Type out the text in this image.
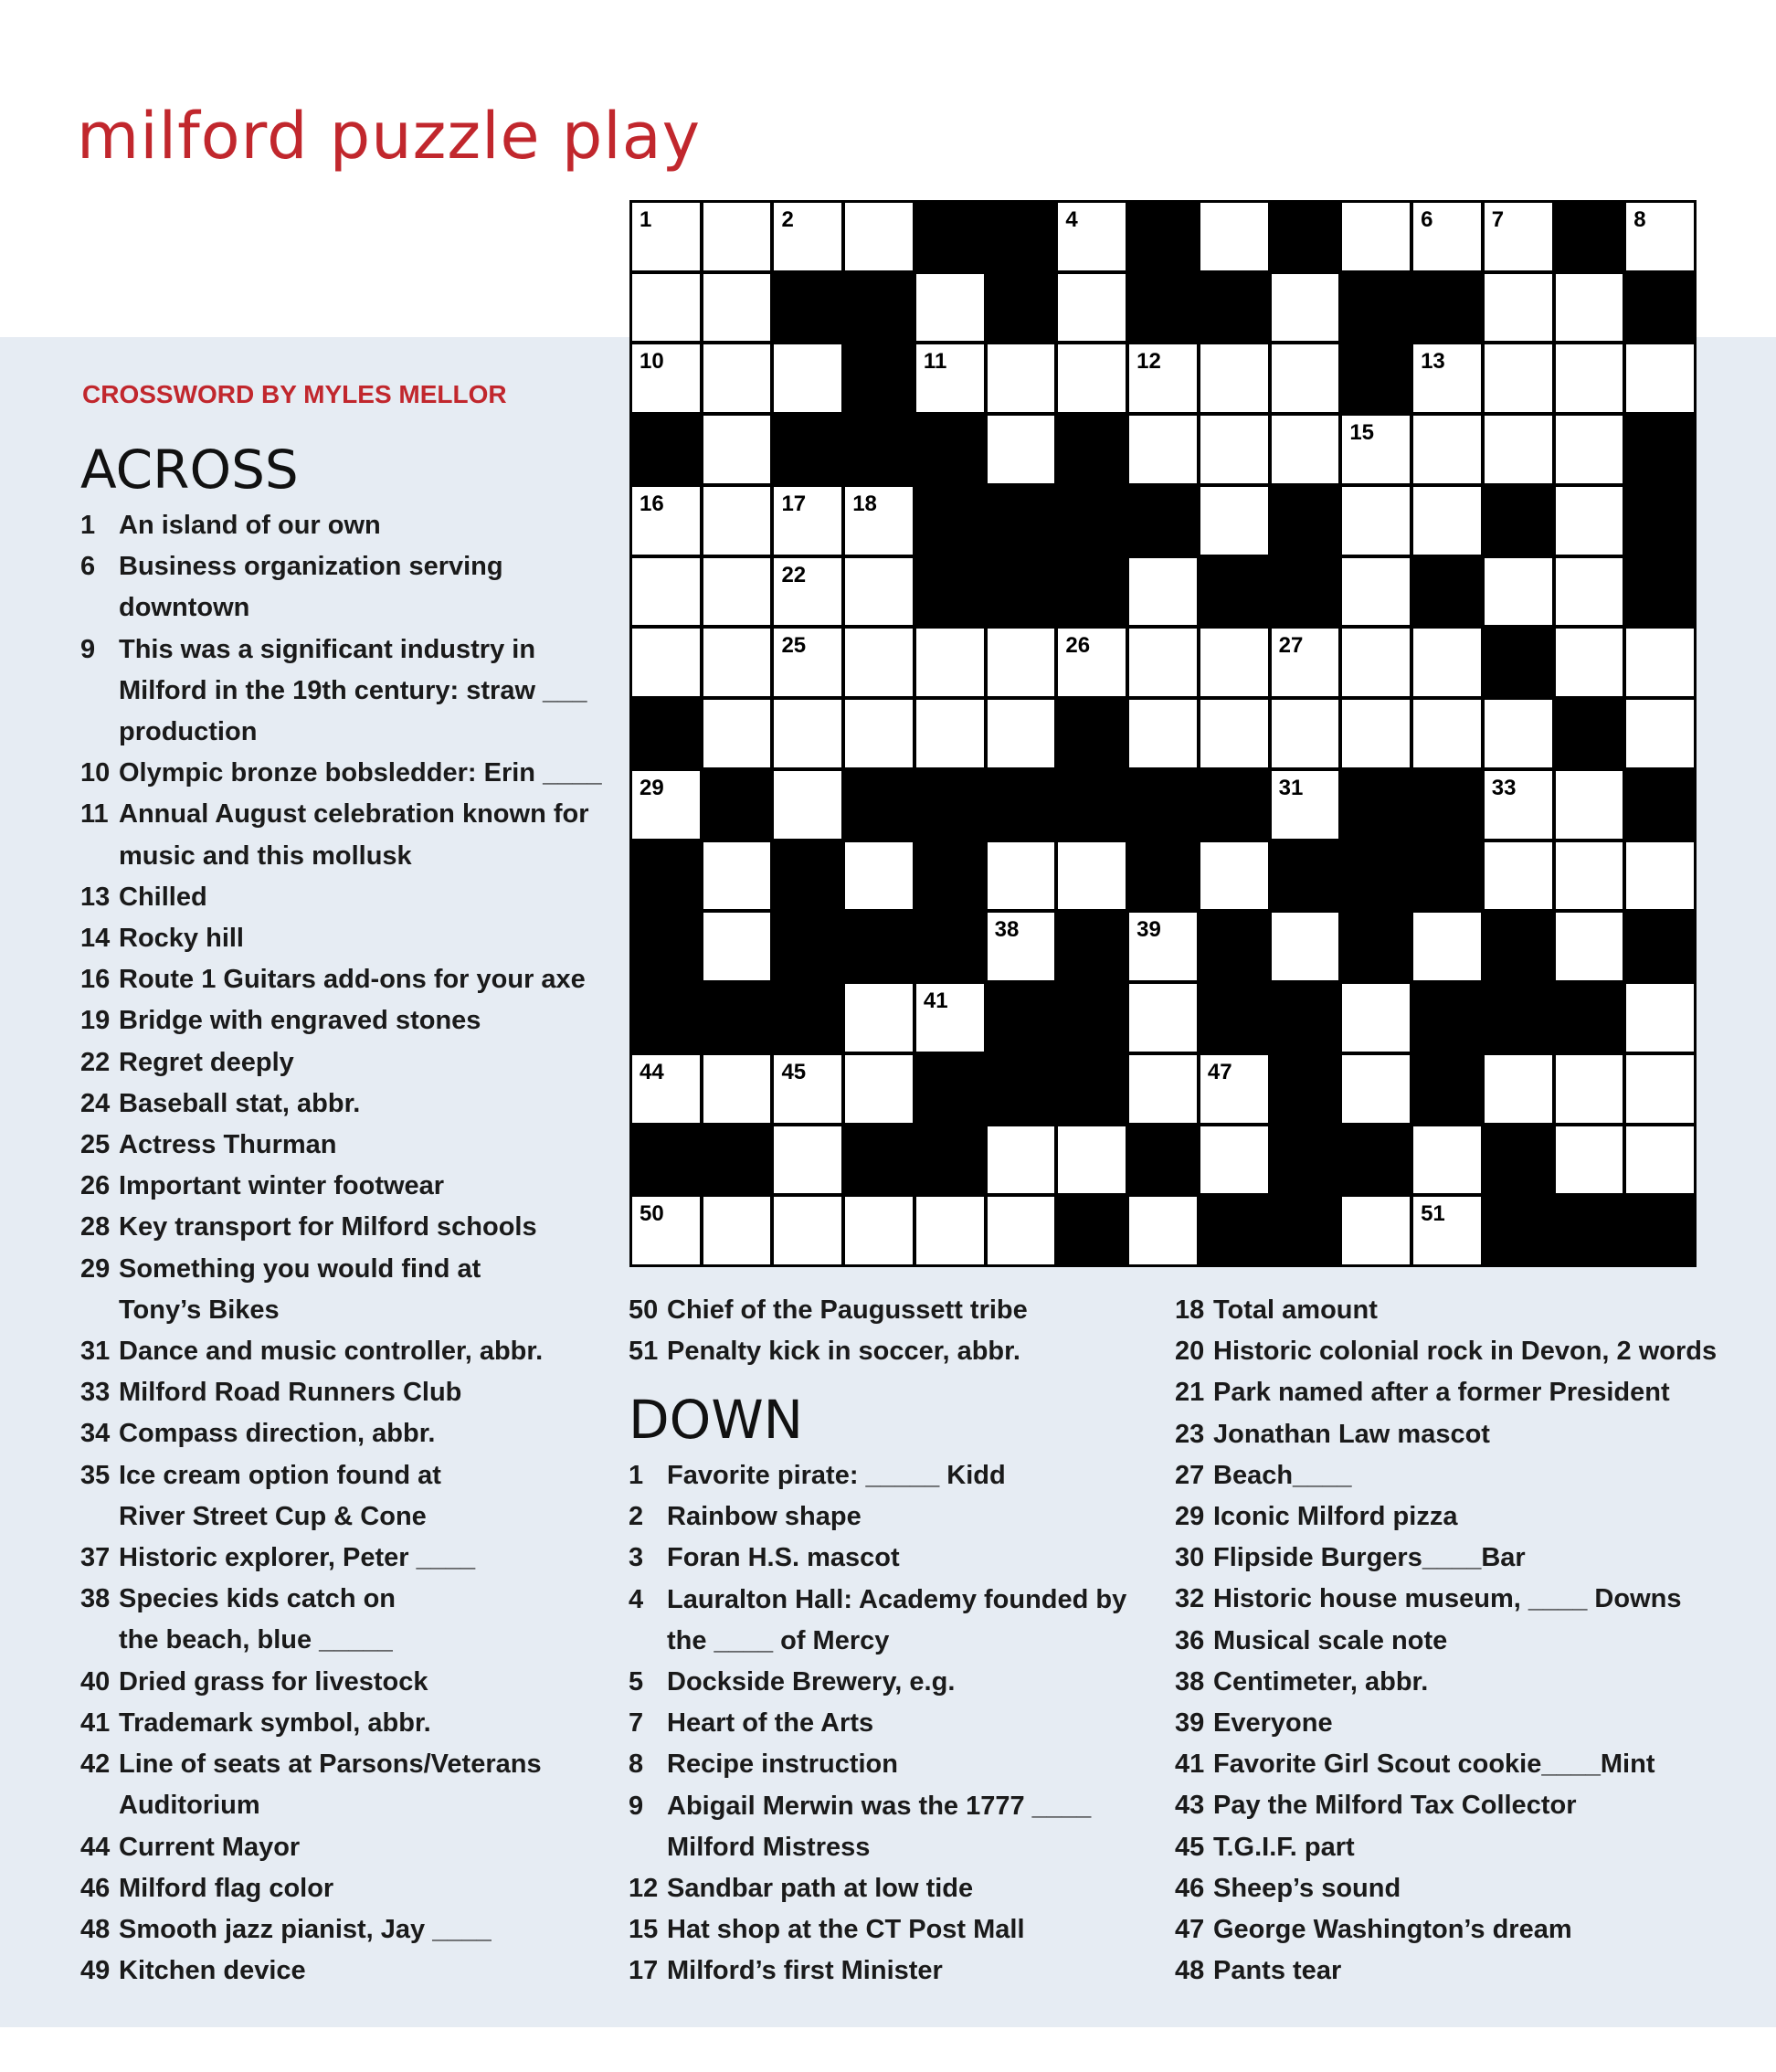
milford puzzle play
CROSSWORD BY MYLES MELLOR
ACROSS
1 An island of our own
6 Business organization serving
downtown
9 This was a significant industry in
Milford in the 19th century: straw ___
production
10 Olympic bronze bobsledder: Erin ____
11 Annual August celebration known for
music and this mollusk
13 Chilled
14 Rocky hill
16 Route 1 Guitars add-ons for your axe
19 Bridge with engraved stones
22 Regret deeply
24 Baseball stat, abbr.
25 Actress Thurman
26 Important winter footwear
28 Key transport for Milford schools
29 Something you would find at
Tony’s Bikes
31 Dance and music controller, abbr.
33 Milford Road Runners Club
34 Compass direction, abbr.
35 Ice cream option found at
River Street Cup & Cone
37 Historic explorer, Peter ____
38 Species kids catch on
the beach, blue _____
40 Dried grass for livestock
41 Trademark symbol, abbr.
42 Line of seats at Parsons/Veterans
Auditorium
44 Current Mayor
46 Milford flag color
48 Smooth jazz pianist, Jay ____
49 Kitchen device
1	2	3	4	5	6	7	8
9
10	11	12	13
14	15
16	17 18	19	20	21
22	23	24
25	26	27	28
29	30	31 32	33
34	35	36
37	38	39	40
41	42 43
44	45	46	47	48
49
50	51
50 Chief of the Paugussett tribe
51 Penalty kick in soccer, abbr.
DOWN
1 Favorite pirate: _____ Kidd
2 Rainbow shape
3 Foran H.S. mascot
4 Lauralton Hall: Academy founded by
the ____ of Mercy
5 Dockside Brewery, e.g.
7 Heart of the Arts
8 Recipe instruction
9 Abigail Merwin was the 1777 ____
Milford Mistress
12 Sandbar path at low tide
15 Hat shop at the CT Post Mall
17 Milford’s first Minister
18 Total amount
20 Historic colonial rock in Devon, 2 words
21 Park named after a former President
23 Jonathan Law mascot
27 Beach____
29 Iconic Milford pizza
30 Flipside Burgers____Bar
32 Historic house museum, ____ Downs
36 Musical scale note
38 Centimeter, abbr.
39 Everyone
41 Favorite Girl Scout cookie____Mint
43 Pay the Milford Tax Collector
45 T.G.I.F. part
46 Sheep’s sound
47 George Washington’s dream
48 Pants tear
